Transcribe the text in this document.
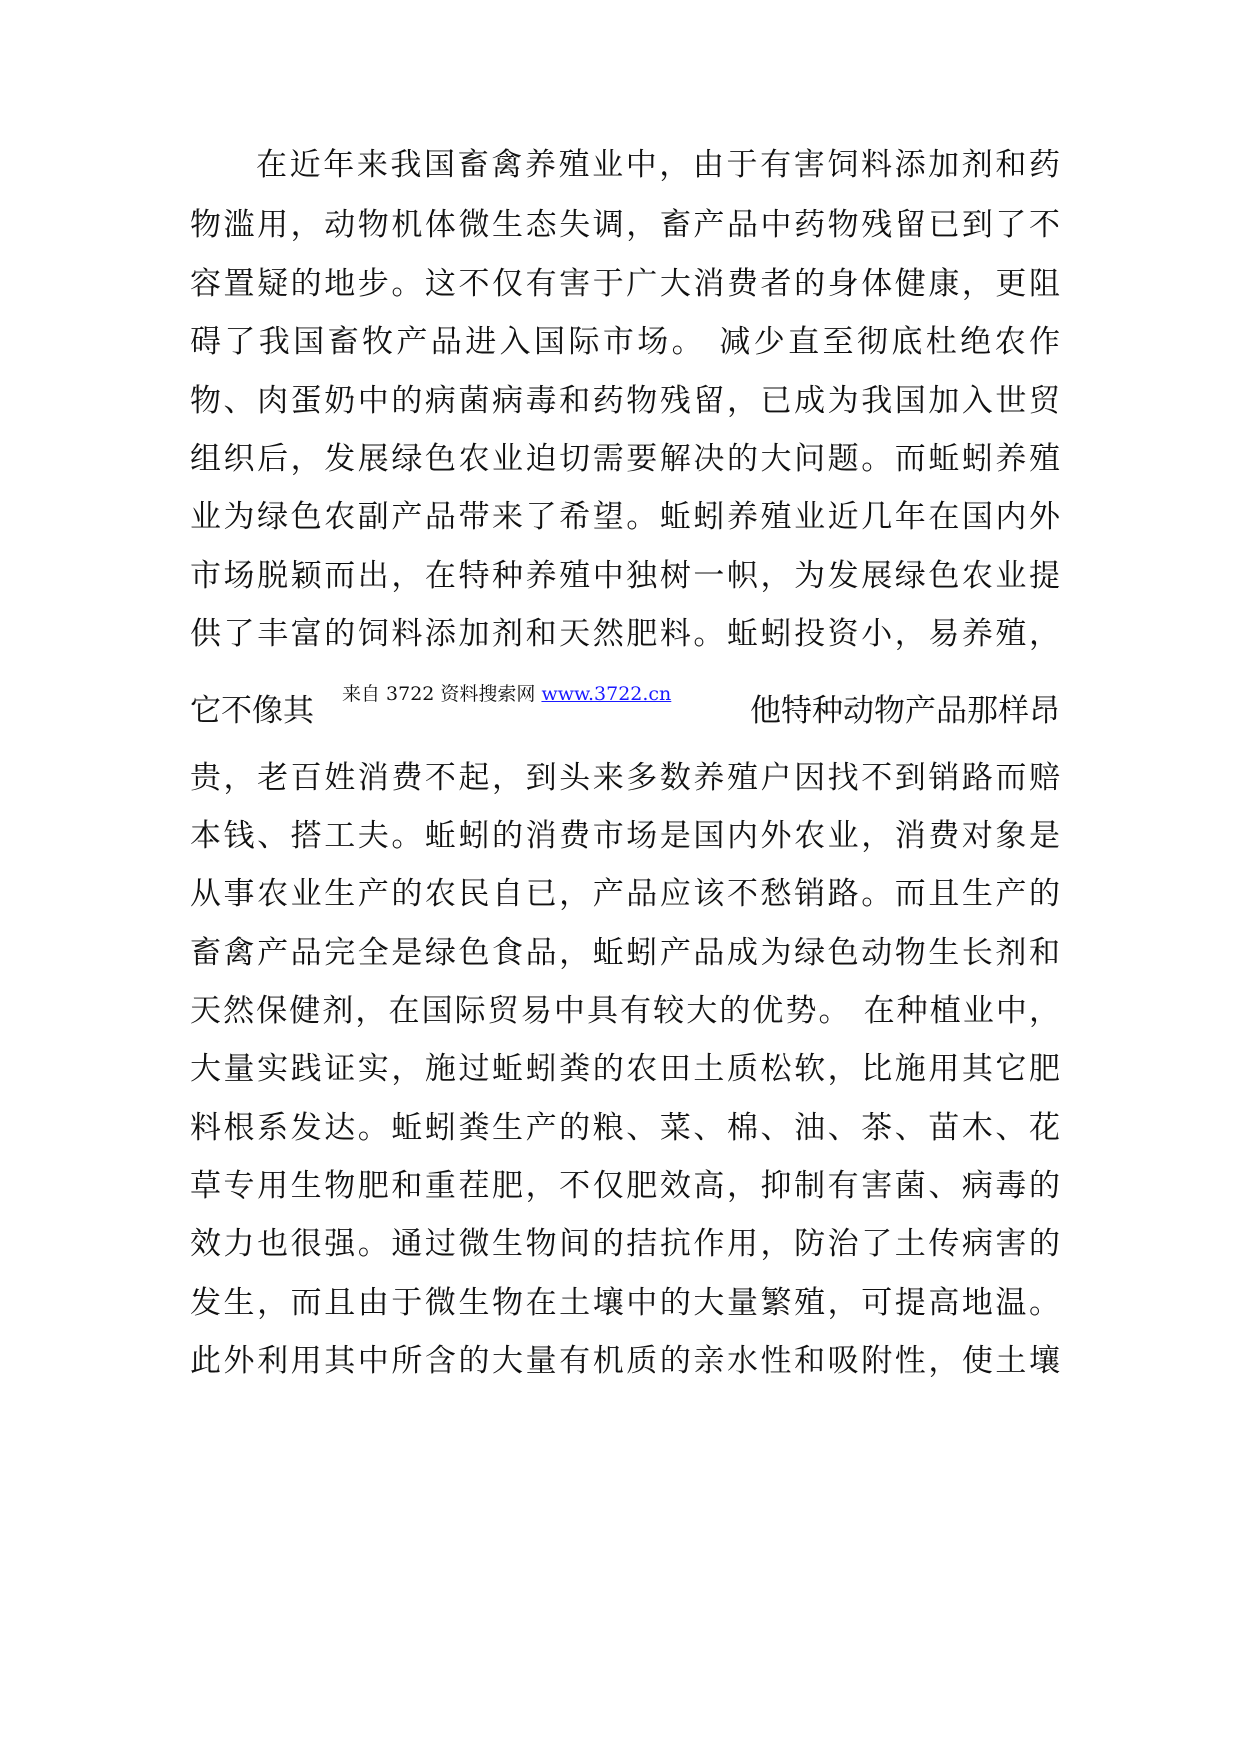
在近年来我国畜禽养殖业中，由于有害饲料添加剂和药
物滥用，动物机体微生态失调，畜产品中药物残留已到了不
容置疑的地步。这不仅有害于广大消费者的身体健康，更阻
碍了我国畜牧产品进入国际市场。 减少直至彻底杜绝农作
物、肉蛋奶中的病菌病毒和药物残留，已成为我国加入世贸
组织后，发展绿色农业迫切需要解决的大问题。而蚯蚓养殖
业为绿色农副产品带来了希望。蚯蚓养殖业近几年在国内外
市场脱颖而出，在特种养殖中独树一帜，为发展绿色农业提
供了丰富的饲料添加剂和天然肥料。蚯蚓投资小，易养殖，
它不像其 来自 3722 资料搜索网 www.3722.cn	他特种动物产品那样昂
贵，老百姓消费不起，到头来多数养殖户因找不到销路而赔
本钱、搭工夫。蚯蚓的消费市场是国内外农业，消费对象是
从事农业生产的农民自已，产品应该不愁销路。而且生产的
畜禽产品完全是绿色食品，蚯蚓产品成为绿色动物生长剂和
天然保健剂，在国际贸易中具有较大的优势。 在种植业中，
大量实践证实，施过蚯蚓粪的农田土质松软，比施用其它肥
料根系发达。蚯蚓粪生产的粮、菜、棉、油、茶、苗木、花
草专用生物肥和重茬肥，不仅肥效高，抑制有害菌、病毒的
效力也很强。通过微生物间的拮抗作用，防治了土传病害的
发生，而且由于微生物在土壤中的大量繁殖，可提高地温。
此外利用其中所含的大量有机质的亲水性和吸附性，使土壤
